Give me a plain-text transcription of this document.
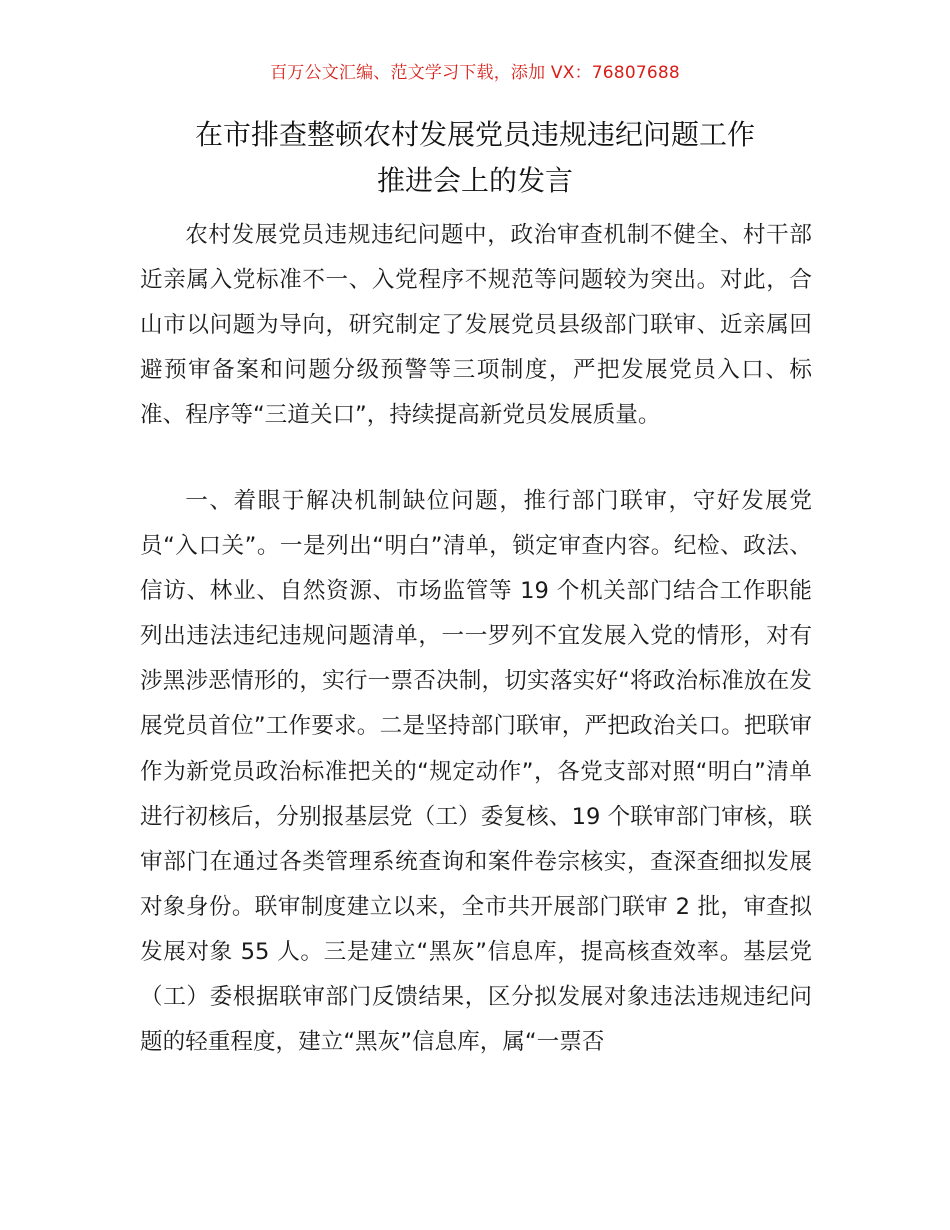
百万公文汇编、范文学习下载，添加 VX：76807688
在市排查整顿农村发展党员违规违纪问题工作
推进会上的发言

农村发展党员违规违纪问题中，政治审查机制不健全、村干部近亲属入党标准不一、入党程序不规范等问题较为突出。对此，合山市以问题为导向，研究制定了发展党员县级部门联审、近亲属回避预审备案和问题分级预警等三项制度，严把发展党员入口、标准、程序等“三道关口”，持续提高新党员发展质量。

一、着眼于解决机制缺位问题，推行部门联审，守好发展党员“入口关”。一是列出“明白”清单，锁定审查内容。纪检、政法、信访、林业、自然资源、市场监管等 19 个机关部门结合工作职能列出违法违纪违规问题清单，一一罗列不宜发展入党的情形，对有涉黑涉恶情形的，实行一票否决制，切实落实好“将政治标准放在发展党员首位”工作要求。二是坚持部门联审，严把政治关口。把联审作为新党员政治标准把关的“规定动作”，各党支部对照“明白”清单进行初核后，分别报基层党（工）委复核、19 个联审部门审核，联审部门在通过各类管理系统查询和案件卷宗核实，查深查细拟发展对象身份。联审制度建立以来，全市共开展部门联审 2 批，审查拟发展对象 55 人。三是建立“黑灰”信息库，提高核查效率。基层党（工）委根据联审部门反馈结果，区分拟发展对象违法违规违纪问题的轻重程度，建立“黑灰”信息库，属“一票否
